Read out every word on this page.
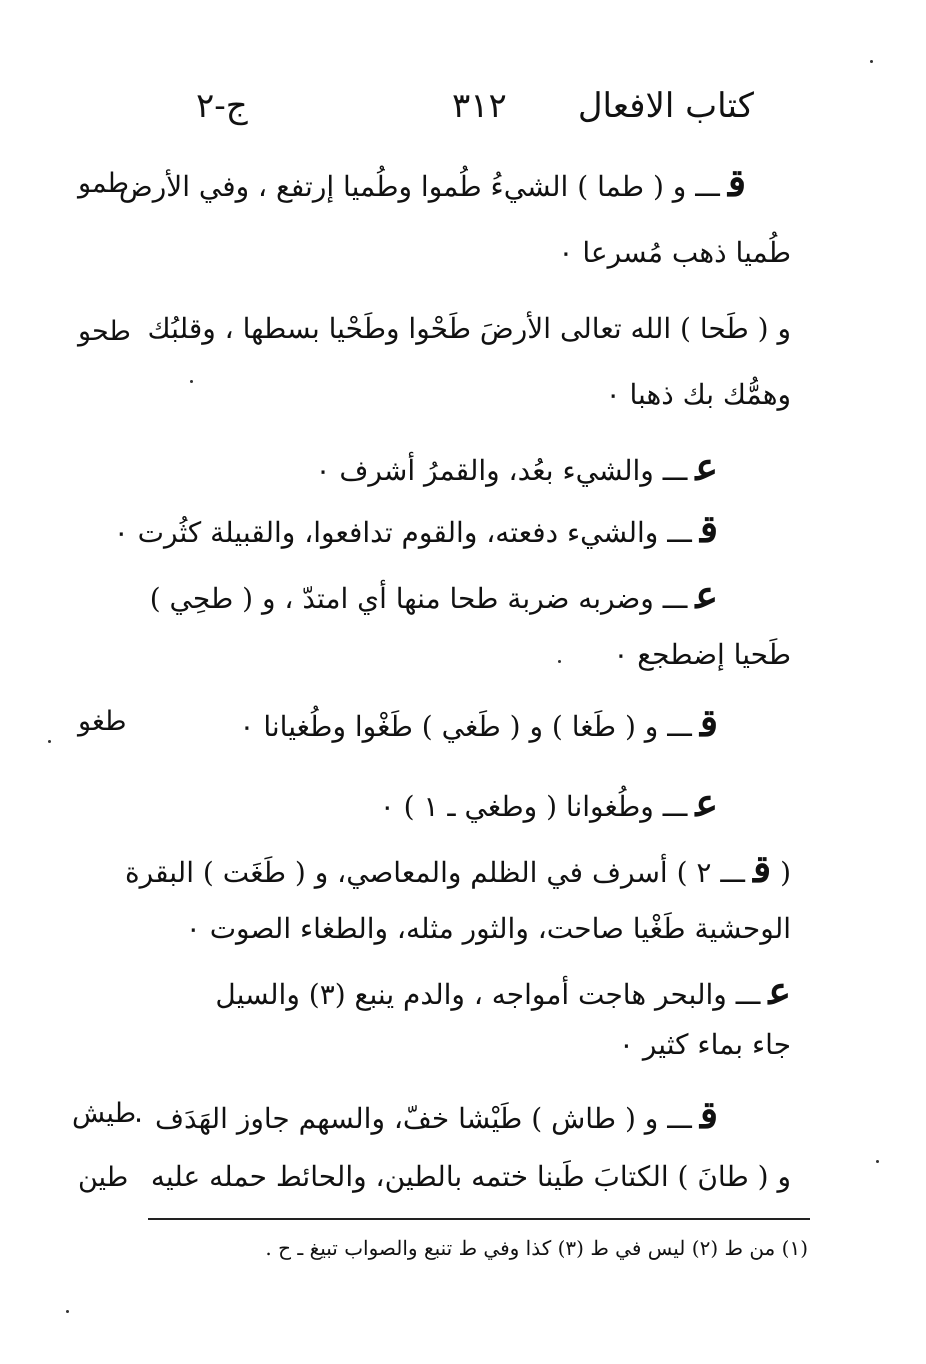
كتاب الافعال
٣١٢
ج-٢
طمو
طحو
طغو
طيش
طين
قـــ و ( طما ) الشيءُ طُموا وطُميا إرتفع ، وفي الأرض
طُميا ذهب مُسرعا ٠
و ( طَحا ) الله تعالى الأرضَ طَحْوا وطَحْيا بسطها ، وقلبُك
وهمُّك بك ذهبا ٠
عـــ والشيء بعُد، والقمرُ أشرف ٠
قـــ والشيء دفعته، والقوم تدافعوا، والقبيلة كثُرت ٠
عـــ وضربه ضربة طحا منها أي امتدّ ، و ( طحِي )
طَحيا إضطجع ٠
قـــ و ( طَغا ) و ( طَغي ) طَغْوا وطُغيانا ٠
عـــ وطُغوانا ( وطغي ـ ١ ) ٠
( قـــ ٢ ) أسرف في الظلم والمعاصي، و ( طَغَت ) البقرة
الوحشية طَغْيا صاحت، والثور مثله، والطغاء الصوت ٠
عـــ والبحر هاجت أمواجه ، والدم ينبع (٣) والسيل
جاء بماء كثير ٠
قـــ و ( طاش ) طَيْشا خفّ، والسهم جاوز الهَدَف ٠
و ( طانَ ) الكتابَ طَينا ختمه بالطين، والحائط حمله عليه
(١) من ط (٢) ليس في ط (٣) كذا وفي ط تنبع والصواب تبيغ ـ ح .
